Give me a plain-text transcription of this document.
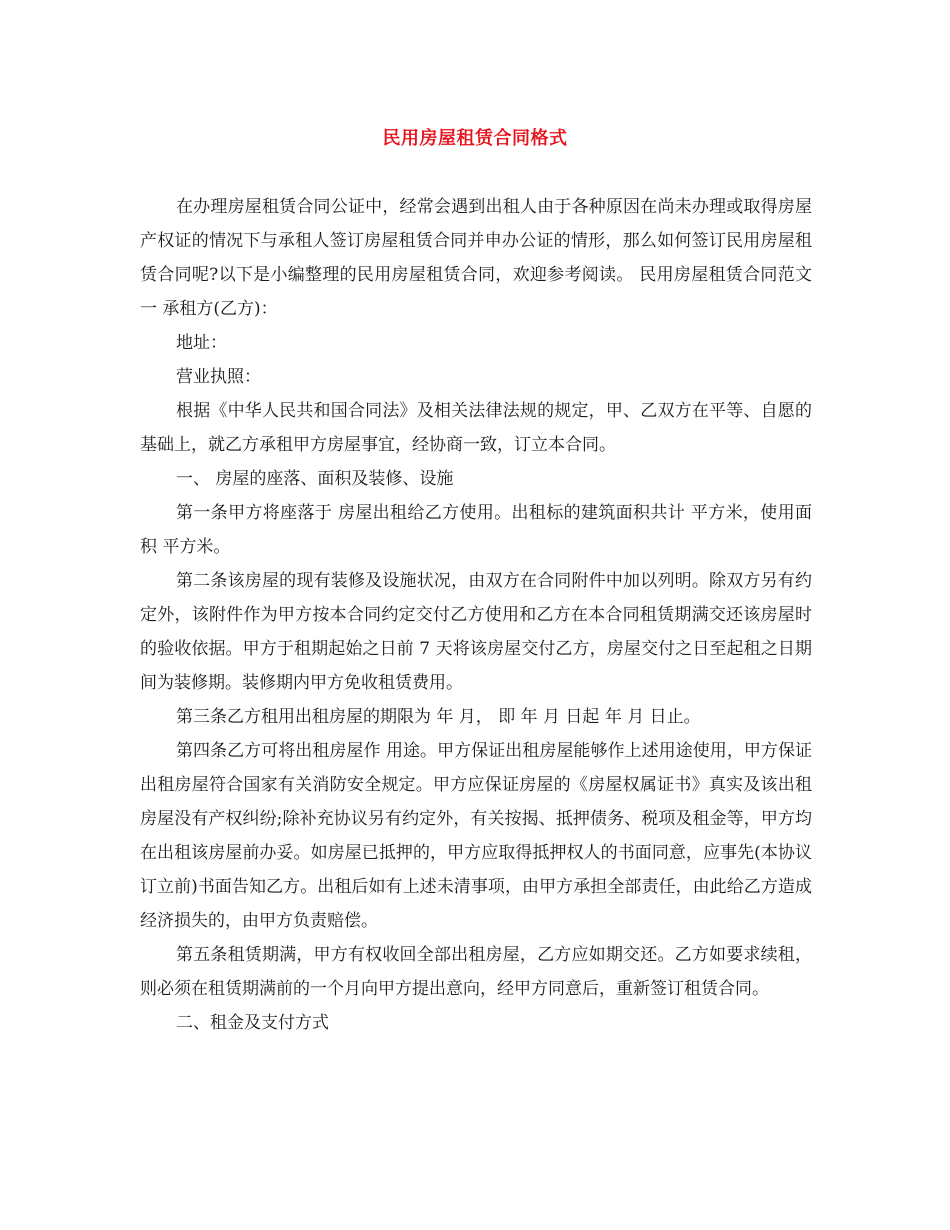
民用房屋租赁合同格式

在办理房屋租赁合同公证中，经常会遇到出租人由于各种原因在尚未办理或取得房屋产权证的情况下与承租人签订房屋租赁合同并申办公证的情形，那么如何签订民用房屋租赁合同呢?以下是小编整理的民用房屋租赁合同，欢迎参考阅读。 民用房屋租赁合同范文一 承租方(乙方)：

地址：

营业执照：

根据《中华人民共和国合同法》及相关法律法规的规定，甲、乙双方在平等、自愿的基础上，就乙方承租甲方房屋事宜，经协商一致，订立本合同。

一、 房屋的座落、面积及装修、设施

第一条甲方将座落于 房屋出租给乙方使用。出租标的建筑面积共计 平方米，使用面积 平方米。

第二条该房屋的现有装修及设施状况，由双方在合同附件中加以列明。除双方另有约定外，该附件作为甲方按本合同约定交付乙方使用和乙方在本合同租赁期满交还该房屋时的验收依据。甲方于租期起始之日前 7 天将该房屋交付乙方，房屋交付之日至起租之日期间为装修期。装修期内甲方免收租赁费用。

第三条乙方租用出租房屋的期限为 年 月， 即 年 月 日起 年 月 日止。

第四条乙方可将出租房屋作 用途。甲方保证出租房屋能够作上述用途使用，甲方保证出租房屋符合国家有关消防安全规定。甲方应保证房屋的《房屋权属证书》真实及该出租房屋没有产权纠纷;除补充协议另有约定外，有关按揭、抵押债务、税项及租金等，甲方均在出租该房屋前办妥。如房屋已抵押的，甲方应取得抵押权人的书面同意，应事先(本协议订立前)书面告知乙方。出租后如有上述未清事项，由甲方承担全部责任，由此给乙方造成经济损失的，由甲方负责赔偿。

第五条租赁期满，甲方有权收回全部出租房屋，乙方应如期交还。乙方如要求续租，则必须在租赁期满前的一个月向甲方提出意向，经甲方同意后，重新签订租赁合同。

二、租金及支付方式
